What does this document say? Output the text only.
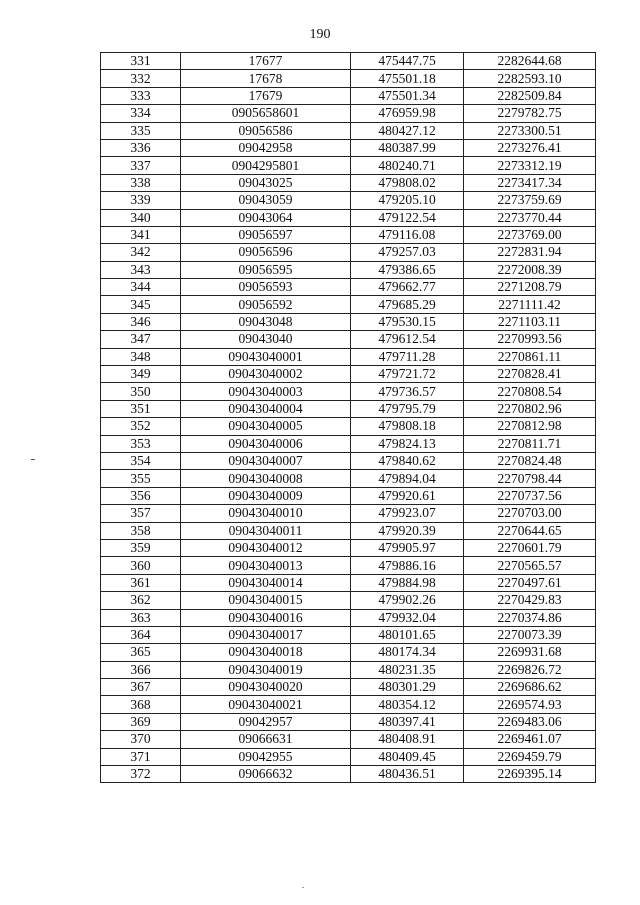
190
331	17677	475447.75	2282644.68
332	17678	475501.18	2282593.10
333	17679	475501.34	2282509.84
334	0905658601	476959.98	2279782.75
335	09056586	480427.12	2273300.51
336	09042958	480387.99	2273276.41
337	0904295801	480240.71	2273312.19
338	09043025	479808.02	2273417.34
339	09043059	479205.10	2273759.69
340	09043064	479122.54	2273770.44
341	09056597	479116.08	2273769.00
342	09056596	479257.03	2272831.94
343	09056595	479386.65	2272008.39
344	09056593	479662.77	2271208.79
345	09056592	479685.29	2271111.42
346	09043048	479530.15	2271103.11
347	09043040	479612.54	2270993.56
348	09043040001	479711.28	2270861.11
349	09043040002	479721.72	2270828.41
350	09043040003	479736.57	2270808.54
351	09043040004	479795.79	2270802.96
352	09043040005	479808.18	2270812.98
353	09043040006	479824.13	2270811.71
354	09043040007	479840.62	2270824.48
355	09043040008	479894.04	2270798.44
356	09043040009	479920.61	2270737.56
357	09043040010	479923.07	2270703.00
358	09043040011	479920.39	2270644.65
359	09043040012	479905.97	2270601.79
360	09043040013	479886.16	2270565.57
361	09043040014	479884.98	2270497.61
362	09043040015	479902.26	2270429.83
363	09043040016	479932.04	2270374.86
364	09043040017	480101.65	2270073.39
365	09043040018	480174.34	2269931.68
366	09043040019	480231.35	2269826.72
367	09043040020	480301.29	2269686.62
368	09043040021	480354.12	2269574.93
369	09042957	480397.41	2269483.06
370	09066631	480408.91	2269461.07
371	09042955	480409.45	2269459.79
372	09066632	480436.51	2269395.14
